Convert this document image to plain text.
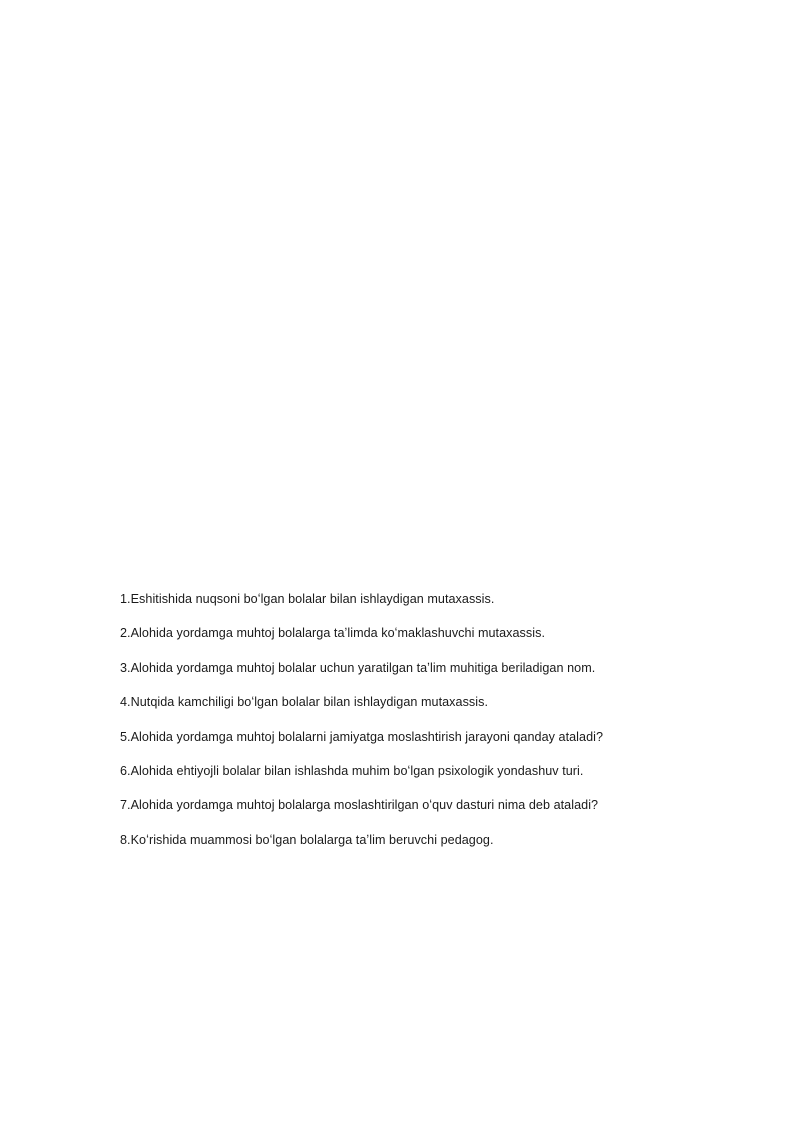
1.Eshitishida nuqsoni boʻlgan bolalar bilan ishlaydigan mutaxassis.
2.Alohida yordamga muhtoj bolalarga taʼlimda koʻmaklashuvchi mutaxassis.
3.Alohida yordamga muhtoj bolalar uchun yaratilgan taʼlim muhitiga beriladigan nom.
4.Nutqida kamchiligi boʻlgan bolalar bilan ishlaydigan mutaxassis.
5.Alohida yordamga muhtoj bolalarni jamiyatga moslashtirish jarayoni qanday ataladi?
6.Alohida ehtiyojli bolalar bilan ishlashda muhim boʻlgan psixologik yondashuv turi.
7.Alohida yordamga muhtoj bolalarga moslashtirilgan oʻquv dasturi nima deb ataladi?
8.Koʻrishida muammosi boʻlgan bolalarga taʼlim beruvchi pedagog.
